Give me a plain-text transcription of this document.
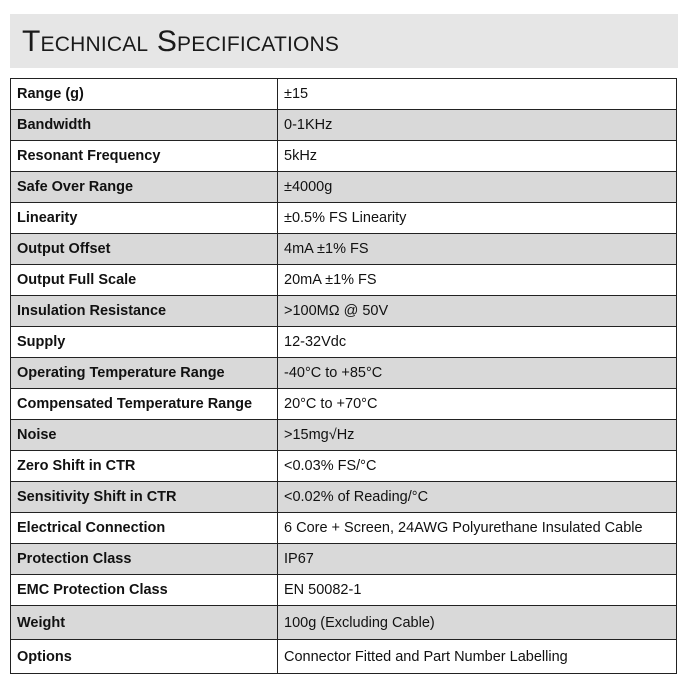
Technical Specifications
Range (g)	±15
Bandwidth	0-1KHz
Resonant Frequency	5kHz
Safe Over Range	±4000g
Linearity	±0.5% FS Linearity
Output Offset	4mA ±1% FS
Output Full Scale	20mA ±1% FS
Insulation Resistance	>100MΩ @ 50V
Supply	12-32Vdc
Operating Temperature Range	-40°C to +85°C
Compensated Temperature Range	20°C to +70°C
Noise	>15mg√Hz
Zero Shift in CTR	<0.03% FS/°C
Sensitivity Shift in CTR	<0.02% of Reading/°C
Electrical Connection	6 Core + Screen, 24AWG Polyurethane Insulated Cable
Protection Class	IP67
EMC Protection Class	EN 50082-1
Weight	100g (Excluding Cable)
Options	Connector Fitted and Part Number Labelling
